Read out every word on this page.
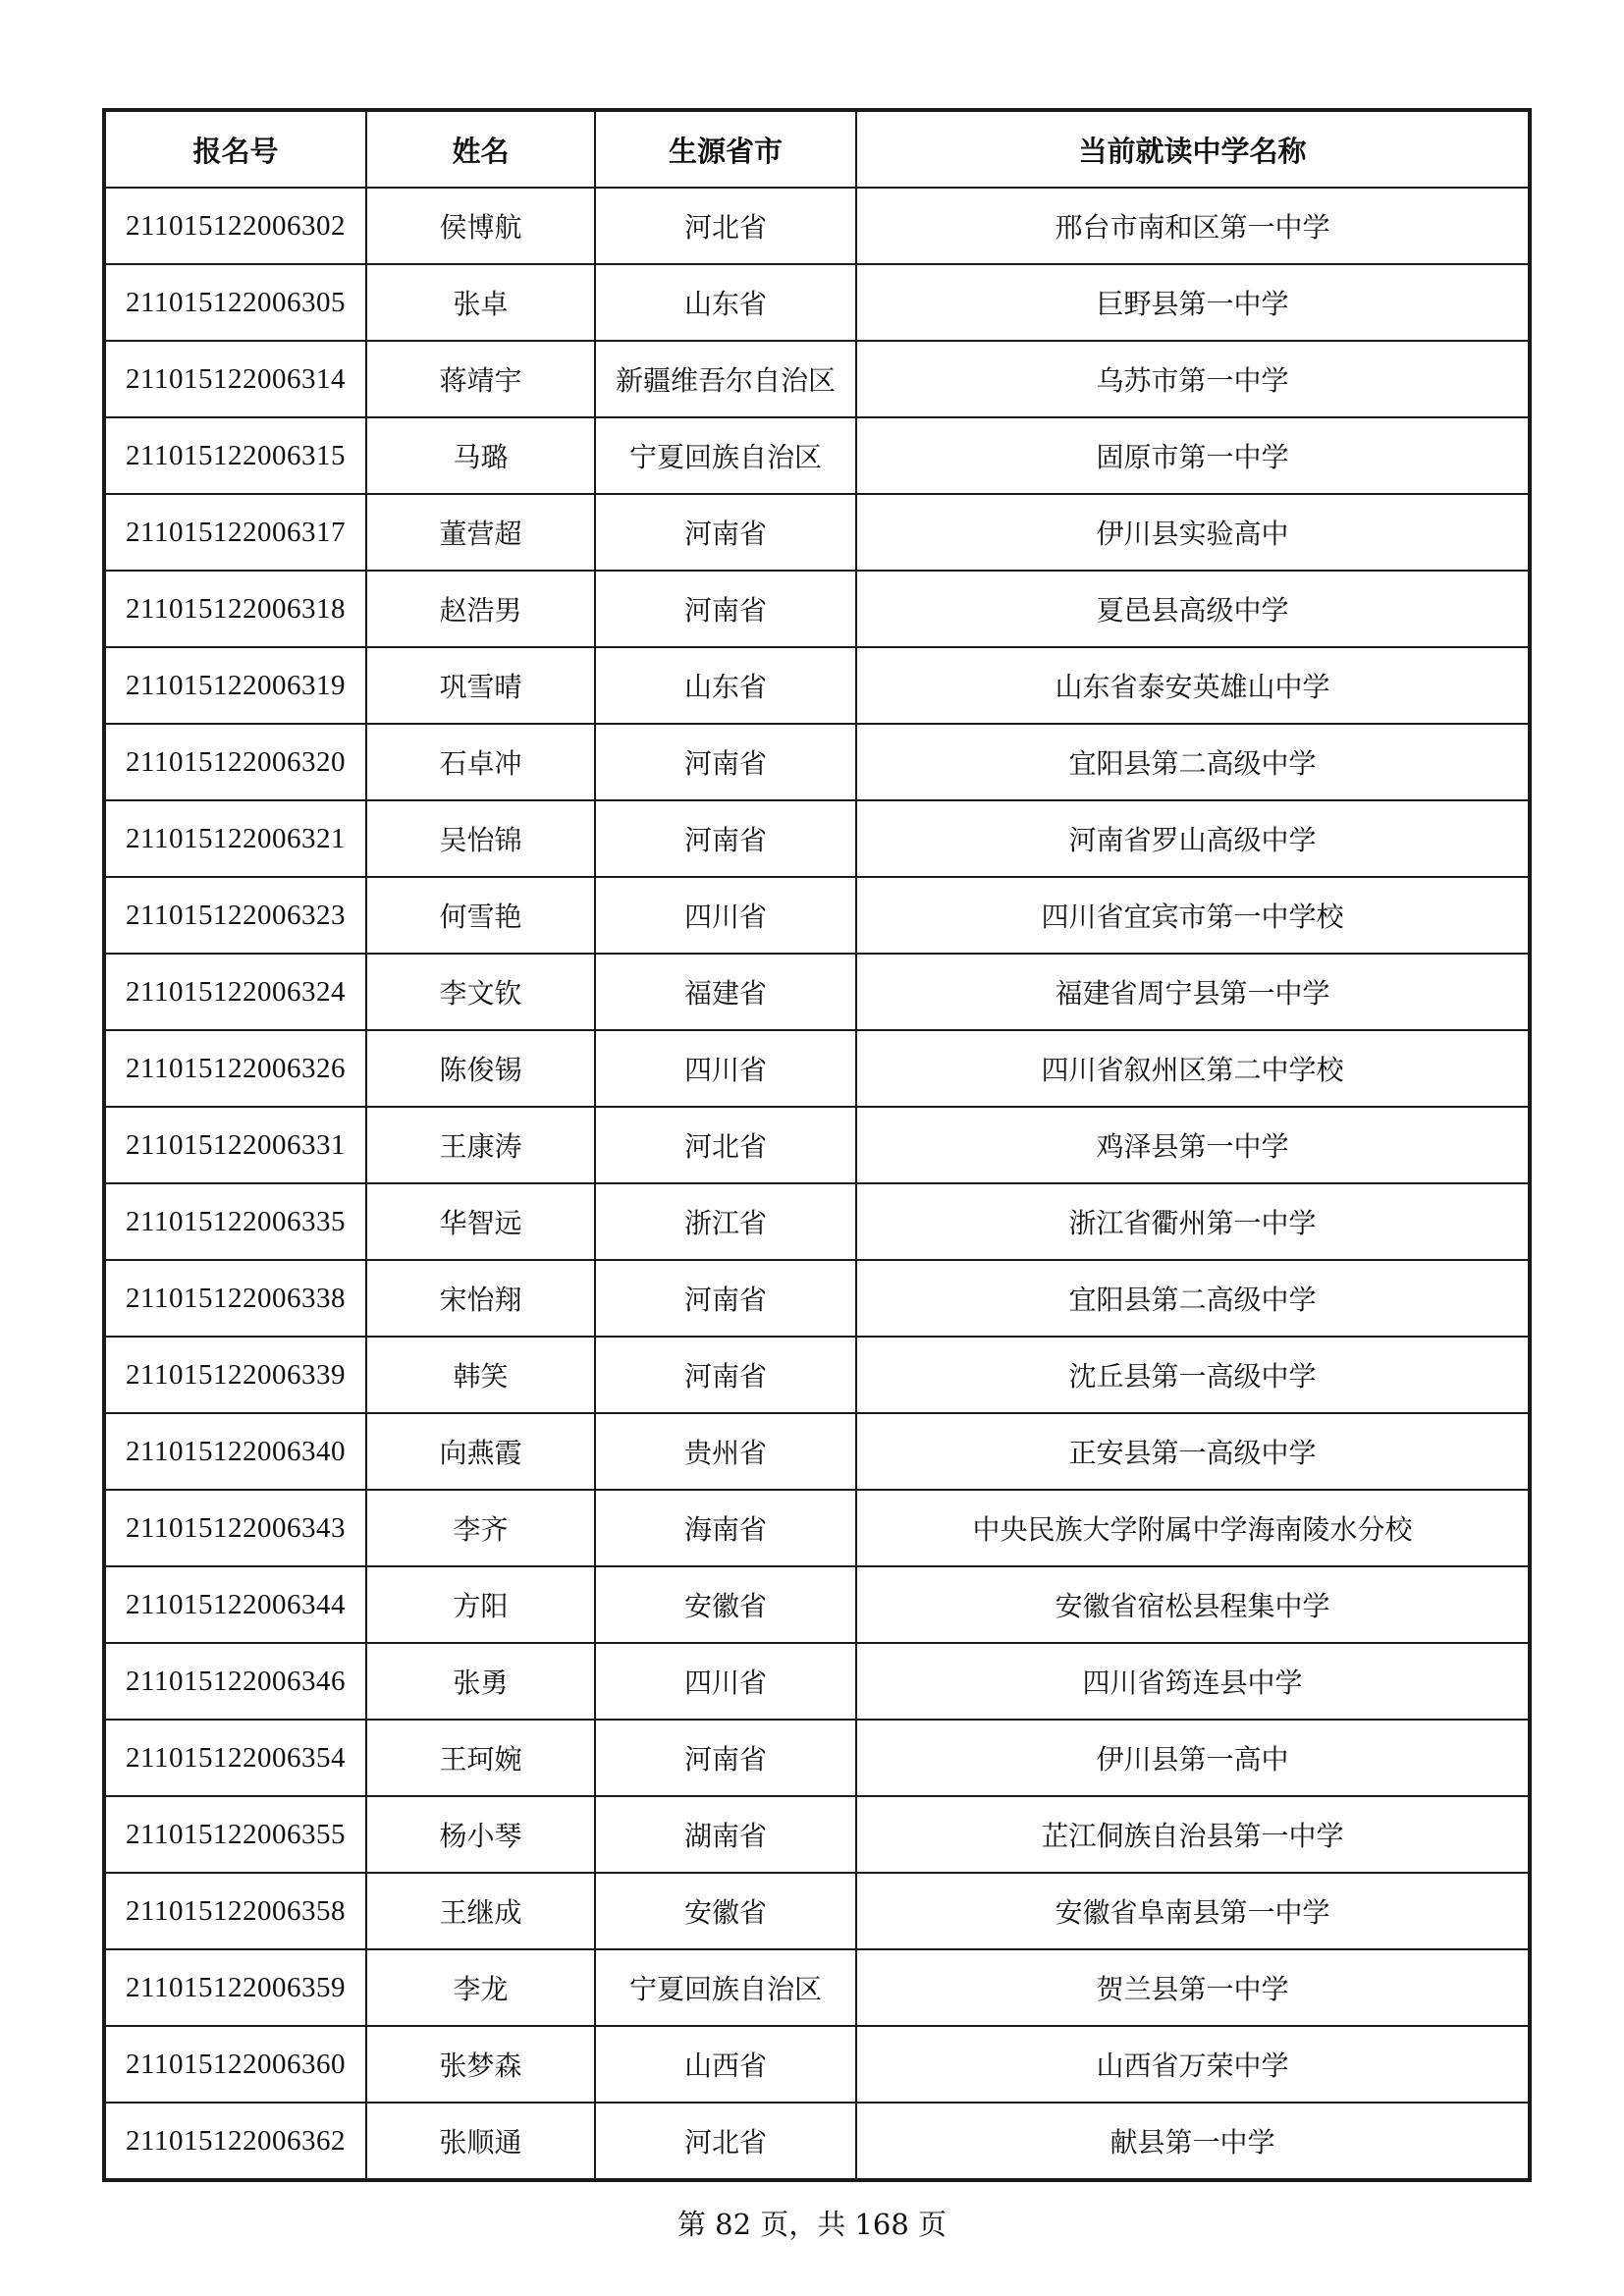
报名号	姓名	生源省市	当前就读中学名称
211015122006302	侯博航	河北省	邢台市南和区第一中学
211015122006305	张卓	山东省	巨野县第一中学
211015122006314	蒋靖宇	新疆维吾尔自治区	乌苏市第一中学
211015122006315	马璐	宁夏回族自治区	固原市第一中学
211015122006317	董营超	河南省	伊川县实验高中
211015122006318	赵浩男	河南省	夏邑县高级中学
211015122006319	巩雪晴	山东省	山东省泰安英雄山中学
211015122006320	石卓冲	河南省	宜阳县第二高级中学
211015122006321	吴怡锦	河南省	河南省罗山高级中学
211015122006323	何雪艳	四川省	四川省宜宾市第一中学校
211015122006324	李文钦	福建省	福建省周宁县第一中学
211015122006326	陈俊锡	四川省	四川省叙州区第二中学校
211015122006331	王康涛	河北省	鸡泽县第一中学
211015122006335	华智远	浙江省	浙江省衢州第一中学
211015122006338	宋怡翔	河南省	宜阳县第二高级中学
211015122006339	韩笑	河南省	沈丘县第一高级中学
211015122006340	向燕霞	贵州省	正安县第一高级中学
211015122006343	李齐	海南省	中央民族大学附属中学海南陵水分校
211015122006344	方阳	安徽省	安徽省宿松县程集中学
211015122006346	张勇	四川省	四川省筠连县中学
211015122006354	王珂婉	河南省	伊川县第一高中
211015122006355	杨小琴	湖南省	芷江侗族自治县第一中学
211015122006358	王继成	安徽省	安徽省阜南县第一中学
211015122006359	李龙	宁夏回族自治区	贺兰县第一中学
211015122006360	张梦森	山西省	山西省万荣中学
211015122006362	张顺通	河北省	献县第一中学
第 82 页，共 168 页
